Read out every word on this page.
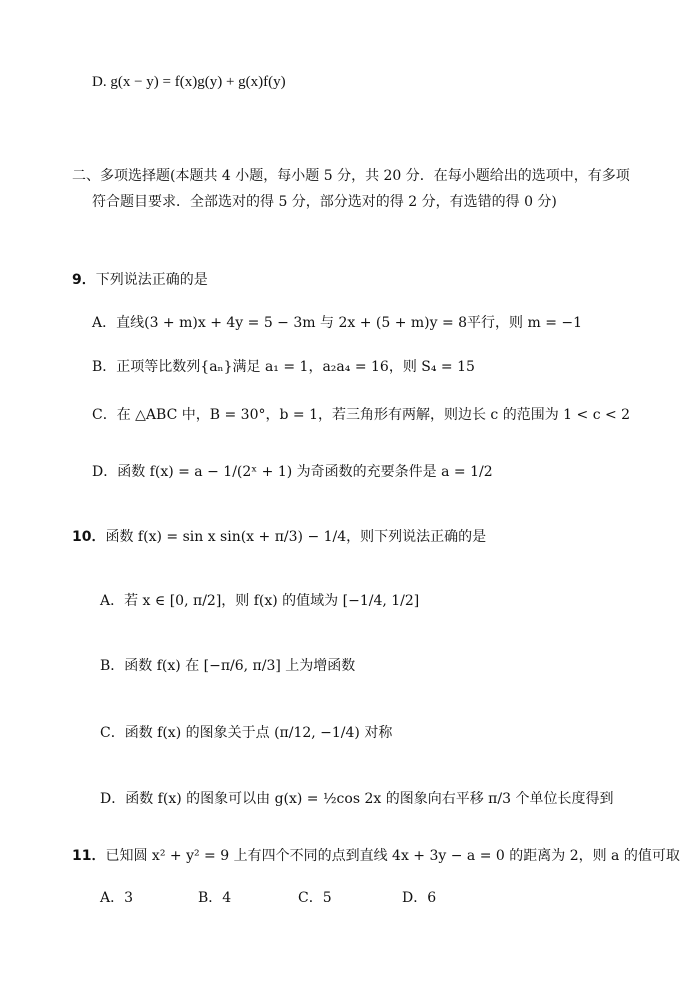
D. g(x − y) = f(x)g(y) + g(x)f(y)
二、多项选择题(本题共 4 小题，每小题 5 分，共 20 分．在每小题给出的选项中，有多项
符合题目要求．全部选对的得 5 分，部分选对的得 2 分，有选错的得 0 分)
9．下列说法正确的是
A．直线(3 + m)x + 4y = 5 − 3m 与 2x + (5 + m)y = 8平行，则 m = −1
B．正项等比数列{aₙ}满足 a₁ = 1，a₂a₄ = 16，则 S₄ = 15
C．在 △ABC 中，B = 30°，b = 1，若三角形有两解，则边长 c 的范围为 1 < c < 2
D．函数 f(x) = a − 1/(2ˣ + 1) 为奇函数的充要条件是 a = 1/2
10．函数 f(x) = sin x sin(x + π/3) − 1/4，则下列说法正确的是
A．若 x ∈ [0, π/2]，则 f(x) 的值域为 [−1/4, 1/2]
B．函数 f(x) 在 [−π/6, π/3] 上为增函数
C．函数 f(x) 的图象关于点 (π/12, −1/4) 对称
D．函数 f(x) 的图象可以由 g(x) = ½cos 2x 的图象向右平移 π/3 个单位长度得到
11．已知圆 x² + y² = 9 上有四个不同的点到直线 4x + 3y − a = 0 的距离为 2，则 a 的值可取
A．3	B．4	C．5	D．6
